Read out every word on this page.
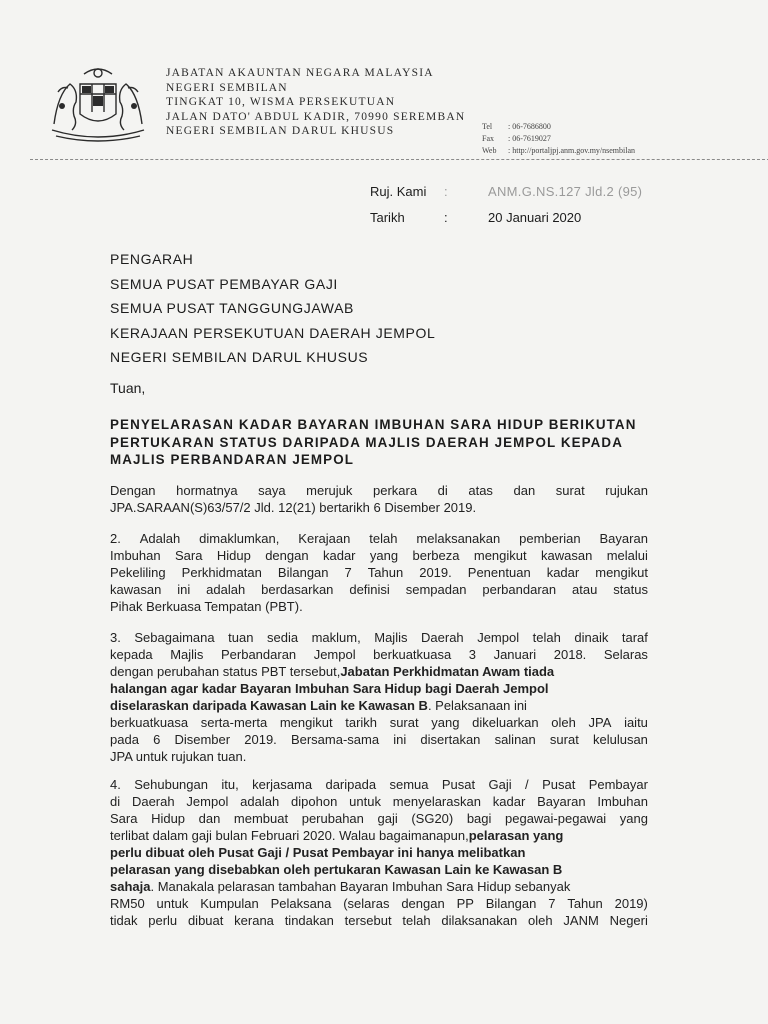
JABATAN AKAUNTAN NEGARA MALAYSIA
NEGERI SEMBILAN
TINGKAT 10, WISMA PERSEKUTUAN
JALAN DATO' ABDUL KADIR, 70990 SEREMBAN
NEGERI SEMBILAN DARUL KHUSUS	Tel : 06-7686800
Fax : 06-7619027
Web : http://portaljpj.anm.gov.my/nsembilan
Ruj. Kami :	ANM.G.NS.127 Jld.2 (95)
Tarikh	:	20 Januari 2020
PENGARAH
SEMUA PUSAT PEMBAYAR GAJI
SEMUA PUSAT TANGGUNGJAWAB
KERAJAAN PERSEKUTUAN DAERAH JEMPOL
NEGERI SEMBILAN DARUL KHUSUS
Tuan,
PENYELARASAN KADAR BAYARAN IMBUHAN SARA HIDUP BERIKUTAN
PERTUKARAN STATUS DARIPADA MAJLIS DAERAH JEMPOL KEPADA
MAJLIS PERBANDARAN JEMPOL
Dengan hormatnya saya merujuk perkara di atas dan surat rujukan
JPA.SARAAN(S)63/57/2 Jld. 12(21) bertarikh 6 Disember 2019.
2. Adalah dimaklumkan, Kerajaan telah melaksanakan pemberian Bayaran
Imbuhan Sara Hidup dengan kadar yang berbeza mengikut kawasan melalui
Pekeliling Perkhidmatan Bilangan 7 Tahun 2019. Penentuan kadar mengikut
kawasan ini adalah berdasarkan definisi sempadan perbandaran atau status
Pihak Berkuasa Tempatan (PBT).
3. Sebagaimana tuan sedia maklum, Majlis Daerah Jempol telah dinaik taraf
kepada Majlis Perbandaran Jempol berkuatkuasa 3 Januari 2018. Selaras
dengan perubahan status PBT tersebut, Jabatan Perkhidmatan Awam tiada
halangan agar kadar Bayaran Imbuhan Sara Hidup bagi Daerah Jempol
diselaraskan daripada Kawasan Lain ke Kawasan B . Pelaksanaan ini
berkuatkuasa serta-merta mengikut tarikh surat yang dikeluarkan oleh JPA iaitu
pada 6 Disember 2019. Bersama-sama ini disertakan salinan surat kelulusan
JPA untuk rujukan tuan.
4. Sehubungan itu, kerjasama daripada semua Pusat Gaji / Pusat Pembayar
di Daerah Jempol adalah dipohon untuk menyelaraskan kadar Bayaran Imbuhan
Sara Hidup dan membuat perubahan gaji (SG20) bagi pegawai-pegawai yang
terlibat dalam gaji bulan Februari 2020. Walau bagaimanapun, pelarasan yang
perlu dibuat oleh Pusat Gaji / Pusat Pembayar ini hanya melibatkan
pelarasan yang disebabkan oleh pertukaran Kawasan Lain ke Kawasan B
sahaja . Manakala pelarasan tambahan Bayaran Imbuhan Sara Hidup sebanyak
RM50 untuk Kumpulan Pelaksana (selaras dengan PP Bilangan 7 Tahun 2019)
tidak perlu dibuat kerana tindakan tersebut telah dilaksanakan oleh JANM Negeri
